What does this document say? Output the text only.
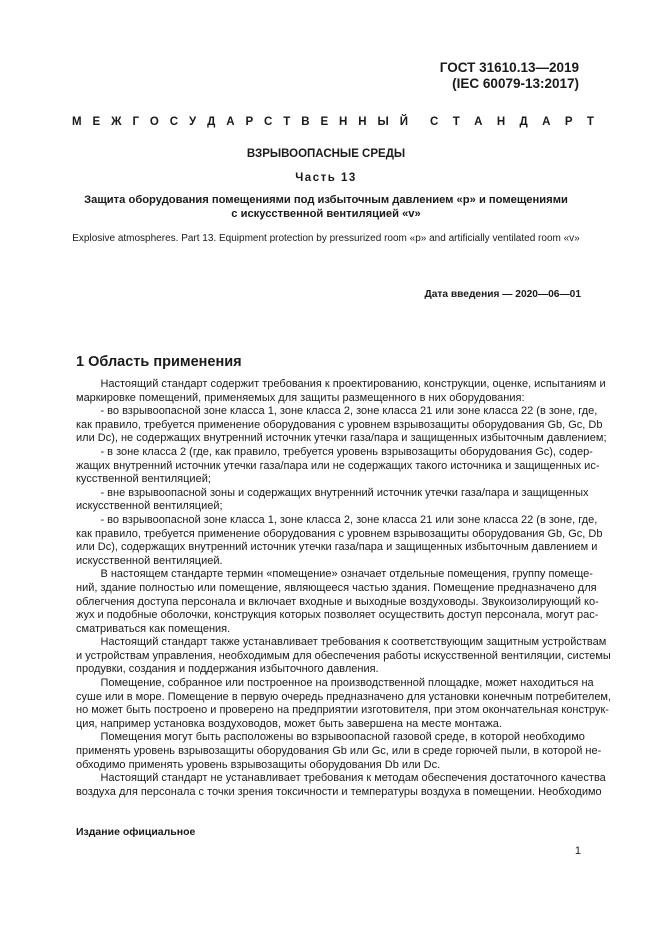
ГОСТ 31610.13—2019
(IEC 60079-13:2017)
М Е Ж Г О С У Д А Р С Т В Е Н Н Ы Й С Т А Н Д А Р Т
ВЗРЫВООПАСНЫЕ СРЕДЫ
Часть 13
Защита оборудования помещениями под избыточным давлением «р» и помещениями
с искусственной вентиляцией «v»
Explosive atmospheres. Part 13. Equipment protection by pressurized room «p» and artificially ventilated room «v»
Дата введения — 2020—06—01
1 Область применения
Настоящий стандарт содержит требования к проектированию, конструкции, оценке, испытаниям и
маркировке помещений, применяемых для защиты размещенного в них оборудования:
- во взрывоопасной зоне класса 1, зоне класса 2, зоне класса 21 или зоне класса 22 (в зоне, где,
как правило, требуется применение оборудования с уровнем взрывозащиты оборудования Gb, Gc, Db
или Dc), не содержащих внутренний источник утечки газа/пара и защищенных избыточным давлением;
- в зоне класса 2 (где, как правило, требуется уровень взрывозащиты оборудования Gc), содер-
жащих внутренний источник утечки газа/пара или не содержащих такого источника и защищенных ис-
кусственной вентиляцией;
- вне взрывоопасной зоны и содержащих внутренний источник утечки газа/пара и защищенных
искусственной вентиляцией;
- во взрывоопасной зоне класса 1, зоне класса 2, зоне класса 21 или зоне класса 22 (в зоне, где,
как правило, требуется применение оборудования с уровнем взрывозащиты оборудования Gb, Gc, Db
или Dc), содержащих внутренний источник утечки газа/пара и защищенных избыточным давлением и
искусственной вентиляцией.
В настоящем стандарте термин «помещение» означает отдельные помещения, группу помеще-
ний, здание полностью или помещение, являющееся частью здания. Помещение предназначено для
облегчения доступа персонала и включает входные и выходные воздуховоды. Звукоизолирующий ко-
жух и подобные оболочки, конструкция которых позволяет осуществить доступ персонала, могут рас-
сматриваться как помещения.
Настоящий стандарт также устанавливает требования к соответствующим защитным устройствам
и устройствам управления, необходимым для обеспечения работы искусственной вентиляции, системы
продувки, создания и поддержания избыточного давления.
Помещение, собранное или построенное на производственной площадке, может находиться на
суше или в море. Помещение в первую очередь предназначено для установки конечным потребителем,
но может быть построено и проверено на предприятии изготовителя, при этом окончательная конструк-
ция, например установка воздуховодов, может быть завершена на месте монтажа.
Помещения могут быть расположены во взрывоопасной газовой среде, в которой необходимо
применять уровень взрывозащиты оборудования Gb или Gc, или в среде горючей пыли, в которой не-
обходимо применять уровень взрывозащиты оборудования Db или Dc.
Настоящий стандарт не устанавливает требования к методам обеспечения достаточного качества
воздуха для персонала с точки зрения токсичности и температуры воздуха в помещении. Необходимо
Издание официальное
1
